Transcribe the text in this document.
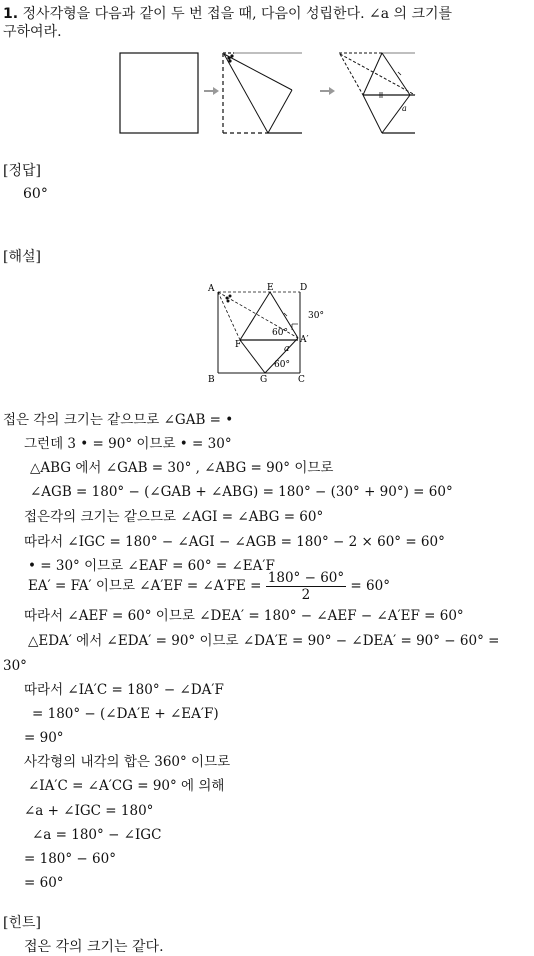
1. 정사각형을 다음과 같이 두 번 접을 때, 다음이 성립한다. ∠a 의 크기를
구하여라.
a
[정답]
60°
[해설]
A	E	D
30°
60°
A′
F	a
60°
B	G	C
접은 각의 크기는 같으므로 ∠GAB = •
그런데 3 • = 90° 이므로 • = 30°
△ABG 에서 ∠GAB = 30° , ∠ABG = 90° 이므로
∠AGB = 180° − (∠GAB + ∠ABG) = 180° − (30° + 90°) = 60°
접은각의 크기는 같으므로 ∠AGI = ∠ABG = 60°
따라서 ∠IGC = 180° − ∠AGI − ∠AGB = 180° − 2 × 60° = 60°
• = 30° 이므로 ∠EAF = 60° = ∠EA′F
EA′ = FA′ 이므로 ∠A′EF = ∠A′FE = $\frac{180^\circ - 60^\circ}{2} = 60^\circ$
따라서 ∠AEF = 60° 이므로 ∠DEA′ = 180° − ∠AEF − ∠A′EF = 60°
△EDA′ 에서 ∠EDA′ = 90° 이므로 ∠DA′E = 90° − ∠DEA′ = 90° − 60° =
30°
따라서 ∠IA′C = 180° − ∠DA′F
= 180° − (∠DA′E + ∠EA′F)
= 90°
사각형의 내각의 합은 360° 이므로
∠IA′C = ∠A′CG = 90° 에 의해
∠a + ∠IGC = 180°
∠a = 180° − ∠IGC
= 180° − 60°
= 60°
[힌트]
접은 각의 크기는 같다.
